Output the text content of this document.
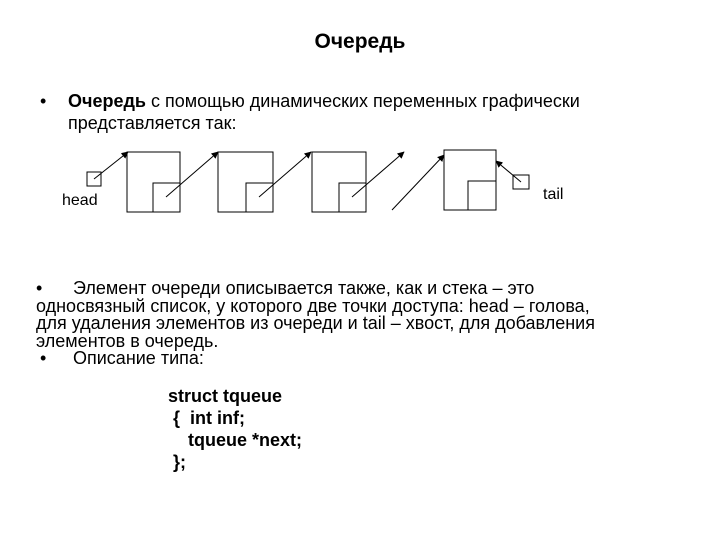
Очередь
• Очередь с помощью динамических переменных графически
представляется так:
head	tail
• Элемент очереди описывается также, как и стека – это
односвязный список, у которого две точки доступа: head – голова,
для удаления элементов из очереди и tail – хвост, для добавления
элементов в очередь.
• Описание типа:
struct tqueue
{  int inf;
tqueue *next;
};
